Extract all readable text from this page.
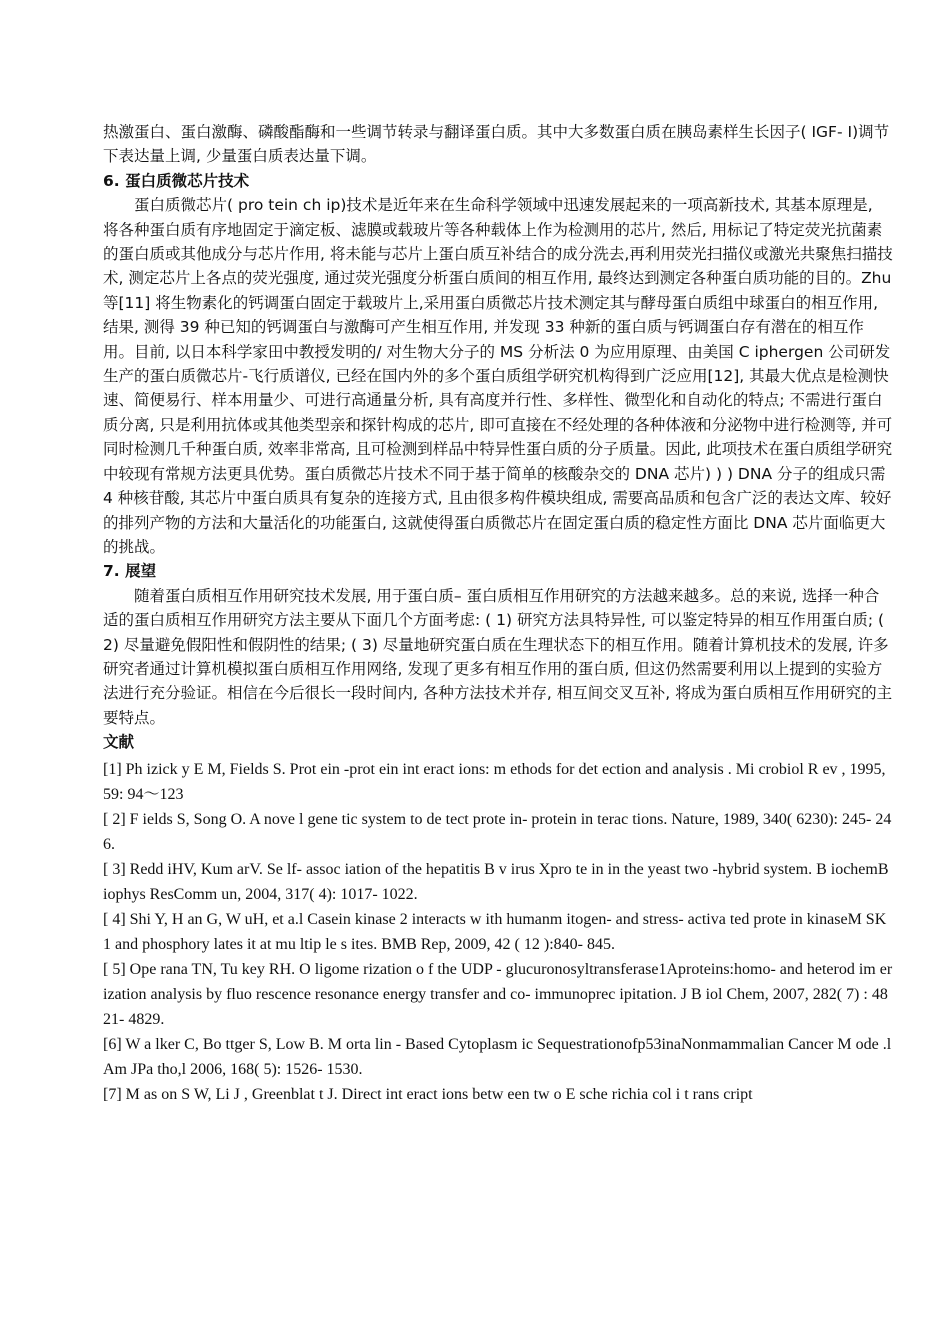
热激蛋白、蛋白激酶、磷酸酯酶和一些调节转录与翻译蛋白质。其中大多数蛋白质在胰岛素样生长因子( IGF- I)调节下表达量上调, 少量蛋白质表达量下调。

6. 蛋白质微芯片技术

蛋白质微芯片( pro tein ch ip)技术是近年来在生命科学领域中迅速发展起来的一项高新技术, 其基本原理是, 将各种蛋白质有序地固定于滴定板、滤膜或载玻片等各种载体上作为检测用的芯片, 然后, 用标记了特定荧光抗菌素的蛋白质或其他成分与芯片作用, 将未能与芯片上蛋白质互补结合的成分洗去,再利用荧光扫描仪或激光共聚焦扫描技术, 测定芯片上各点的荧光强度, 通过荧光强度分析蛋白质间的相互作用, 最终达到测定各种蛋白质功能的目的。Zhu 等[11] 将生物素化的钙调蛋白固定于载玻片上,采用蛋白质微芯片技术测定其与酵母蛋白质组中球蛋白的相互作用, 结果, 测得 39 种已知的钙调蛋白与激酶可产生相互作用, 并发现 33 种新的蛋白质与钙调蛋白存有潜在的相互作用。目前, 以日本科学家田中教授发明的/ 对生物大分子的 MS 分析法 0 为应用原理、由美国 C iphergen 公司研发生产的蛋白质微芯片-飞行质谱仪, 已经在国内外的多个蛋白质组学研究机构得到广泛应用[12], 其最大优点是检测快速、简便易行、样本用量少、可进行高通量分析, 具有高度并行性、多样性、微型化和自动化的特点; 不需进行蛋白质分离, 只是利用抗体或其他类型亲和探针构成的芯片, 即可直接在不经处理的各种体液和分泌物中进行检测等, 并可同时检测几千种蛋白质, 效率非常高, 且可检测到样品中特异性蛋白质的分子质量。因此, 此项技术在蛋白质组学研究中较现有常规方法更具优势。蛋白质微芯片技术不同于基于简单的核酸杂交的 DNA 芯片) ) ) DNA 分子的组成只需 4 种核苷酸, 其芯片中蛋白质具有复杂的连接方式, 且由很多构件模块组成, 需要高品质和包含广泛的表达文库、较好的排列产物的方法和大量活化的功能蛋白, 这就使得蛋白质微芯片在固定蛋白质的稳定性方面比 DNA 芯片面临更大的挑战。

7. 展望

随着蛋白质相互作用研究技术发展, 用于蛋白质– 蛋白质相互作用研究的方法越来越多。总的来说, 选择一种合适的蛋白质相互作用研究方法主要从下面几个方面考虑: ( 1) 研究方法具特异性, 可以鉴定特异的相互作用蛋白质; ( 2) 尽量避免假阳性和假阴性的结果; ( 3) 尽量地研究蛋白质在生理状态下的相互作用。随着计算机技术的发展, 许多研究者通过计算机模拟蛋白质相互作用网络, 发现了更多有相互作用的蛋白质, 但这仍然需要利用以上提到的实验方法进行充分验证。相信在今后很长一段时间内, 各种方法技术并存, 相互间交叉互补, 将成为蛋白质相互作用研究的主要特点。

文献

[1] Ph izick y E M, Fields S. Prot ein -prot ein int eract ions: m ethods for det ection and analysis . Mi crobiol R ev , 1995, 59: 94～123

[ 2] F ields S, Song O. A nove l gene tic system to de tect prote in- protein in terac tions. Nature, 1989, 340( 6230): 245- 246.

[ 3] Redd iHV, Kum arV. Se lf- assoc iation of the hepatitis B v irus Xpro te in in the yeast two -hybrid system. B iochemB iophys ResComm un, 2004, 317( 4): 1017- 1022.

[ 4] Shi Y, H an G, W uH, et a.l Casein kinase 2 interacts w ith humanm itogen- and stress- activa ted prote in kinaseM SK1 and phosphory lates it at mu ltip le s ites. BMB Rep, 2009, 42 ( 12 ):840- 845.

[ 5] Ope rana TN, Tu key RH. O ligome rization o f the UDP - glucuronosyltransferase1Aproteins:homo- and heterod im erization analysis by fluo rescence resonance energy transfer and co- immunoprec ipitation. J B iol Chem, 2007, 282( 7) : 4821- 4829.

[6] W a lker C, Bo ttger S, Low B. M orta lin - Based Cytoplasm ic Sequestrationofp53inaNonmammalian Cancer M ode .l Am JPa tho,l 2006, 168( 5): 1526- 1530.

[7] M as on S W, Li J , Greenblat t J. Direct int eract ions betw een tw o E sche richia col i t rans cript
